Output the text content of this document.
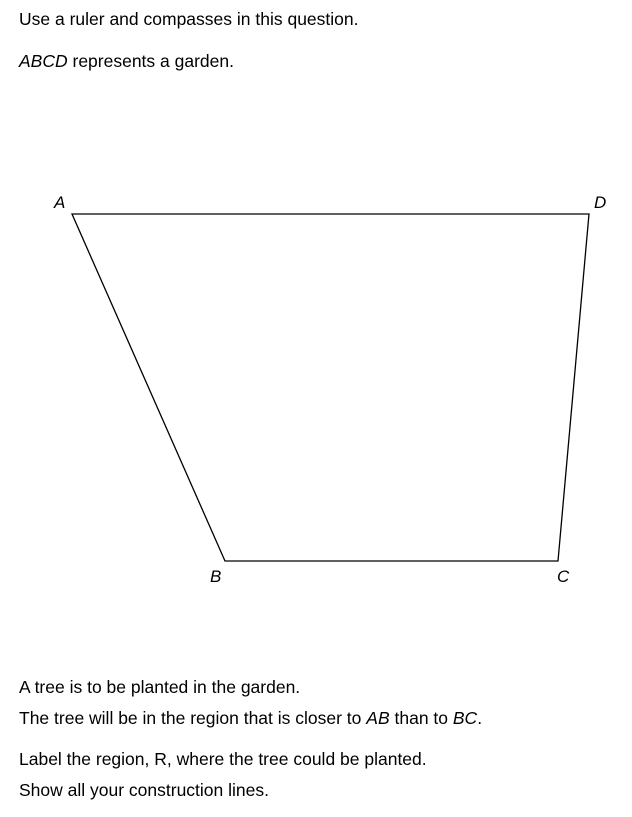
Use a ruler and compasses in this question.

ABCD represents a garden.

A	D
B	C

A tree is to be planted in the garden.

The tree will be in the region that is closer to AB than to BC.

Label the region, R, where the tree could be planted.

Show all your construction lines.
